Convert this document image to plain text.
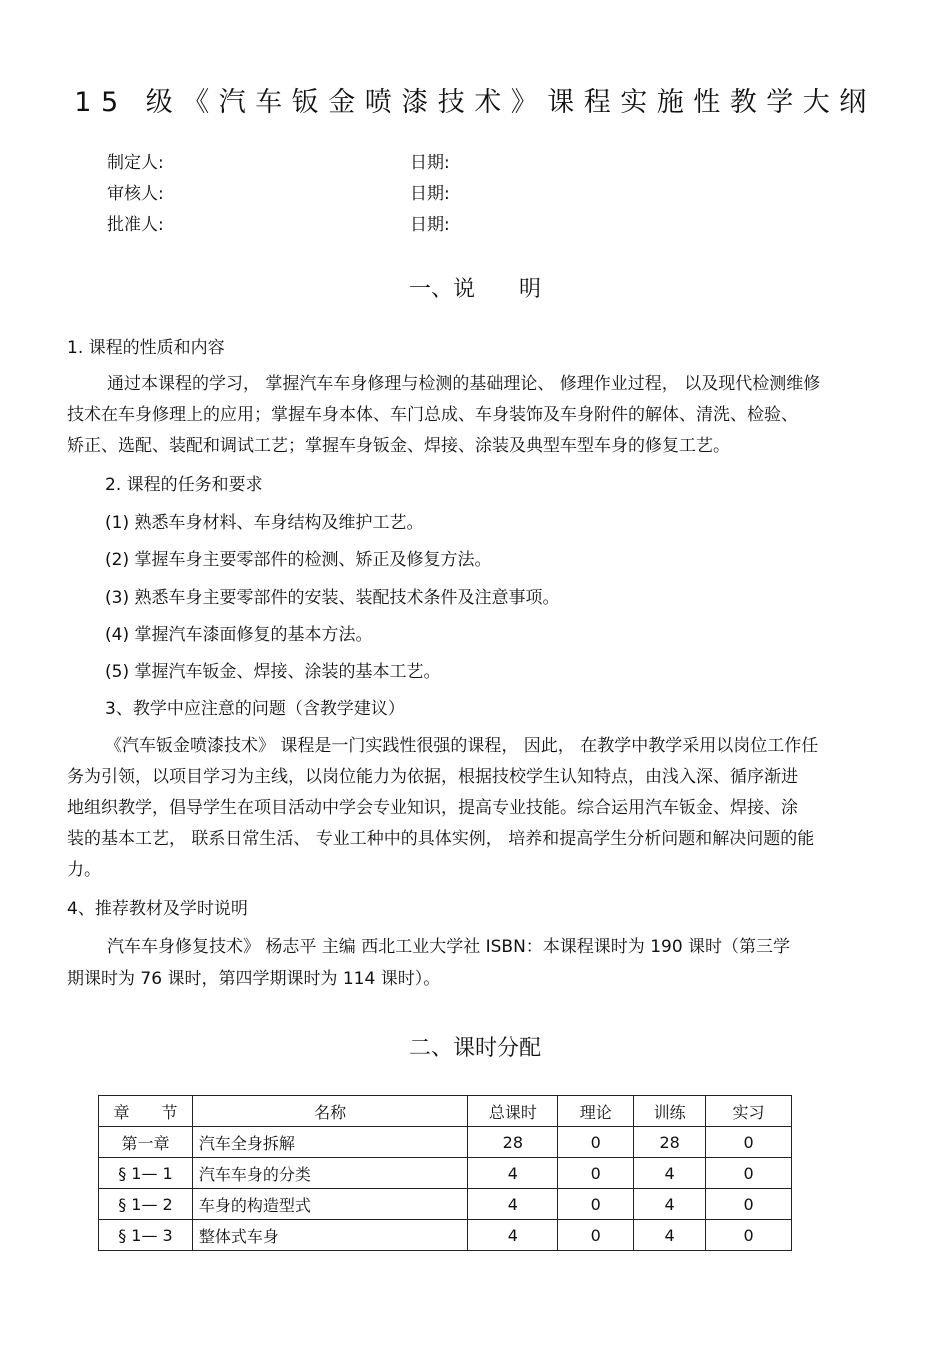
15 级《汽车钣金喷漆技术》课程实施性教学大纲
制定人:	日期:
审核人:	日期:
批准人:	日期:
一、说　　明
1. 课程的性质和内容
通过本课程的学习， 掌握汽车车身修理与检测的基础理论、 修理作业过程， 以及现代检测维修
技术在车身修理上的应用；掌握车身本体、车门总成、车身装饰及车身附件的解体、清洗、检验、
矫正、选配、装配和调试工艺；掌握车身钣金、焊接、涂装及典型车型车身的修复工艺。
2. 课程的任务和要求
(1) 熟悉车身材料、车身结构及维护工艺。
(2) 掌握车身主要零部件的检测、矫正及修复方法。
(3) 熟悉车身主要零部件的安装、装配技术条件及注意事项。
(4) 掌握汽车漆面修复的基本方法。
(5) 掌握汽车钣金、焊接、涂装的基本工艺。
3、教学中应注意的问题（含教学建议）
《汽车钣金喷漆技术》 课程是一门实践性很强的课程， 因此， 在教学中教学采用以岗位工作任
务为引领，以项目学习为主线，以岗位能力为依据，根据技校学生认知特点，由浅入深、循序渐进
地组织教学，倡导学生在项目活动中学会专业知识，提高专业技能。综合运用汽车钣金、焊接、涂
装的基本工艺， 联系日常生活、 专业工种中的具体实例， 培养和提高学生分析问题和解决问题的能
力。
4、推荐教材及学时说明
汽车车身修复技术》 杨志平 主编 西北工业大学社 ISBN：本课程课时为 190 课时（第三学
期课时为 76 课时，第四学期课时为 114 课时）。
二、课时分配
章　　节	名称	总课时	理论	训练	实习
第一章	汽车全身拆解	28	0	28	0
§ 1— 1	汽车车身的分类	4	0	4	0
§ 1— 2	车身的构造型式	4	0	4	0
§ 1— 3	整体式车身	4	0	4	0
